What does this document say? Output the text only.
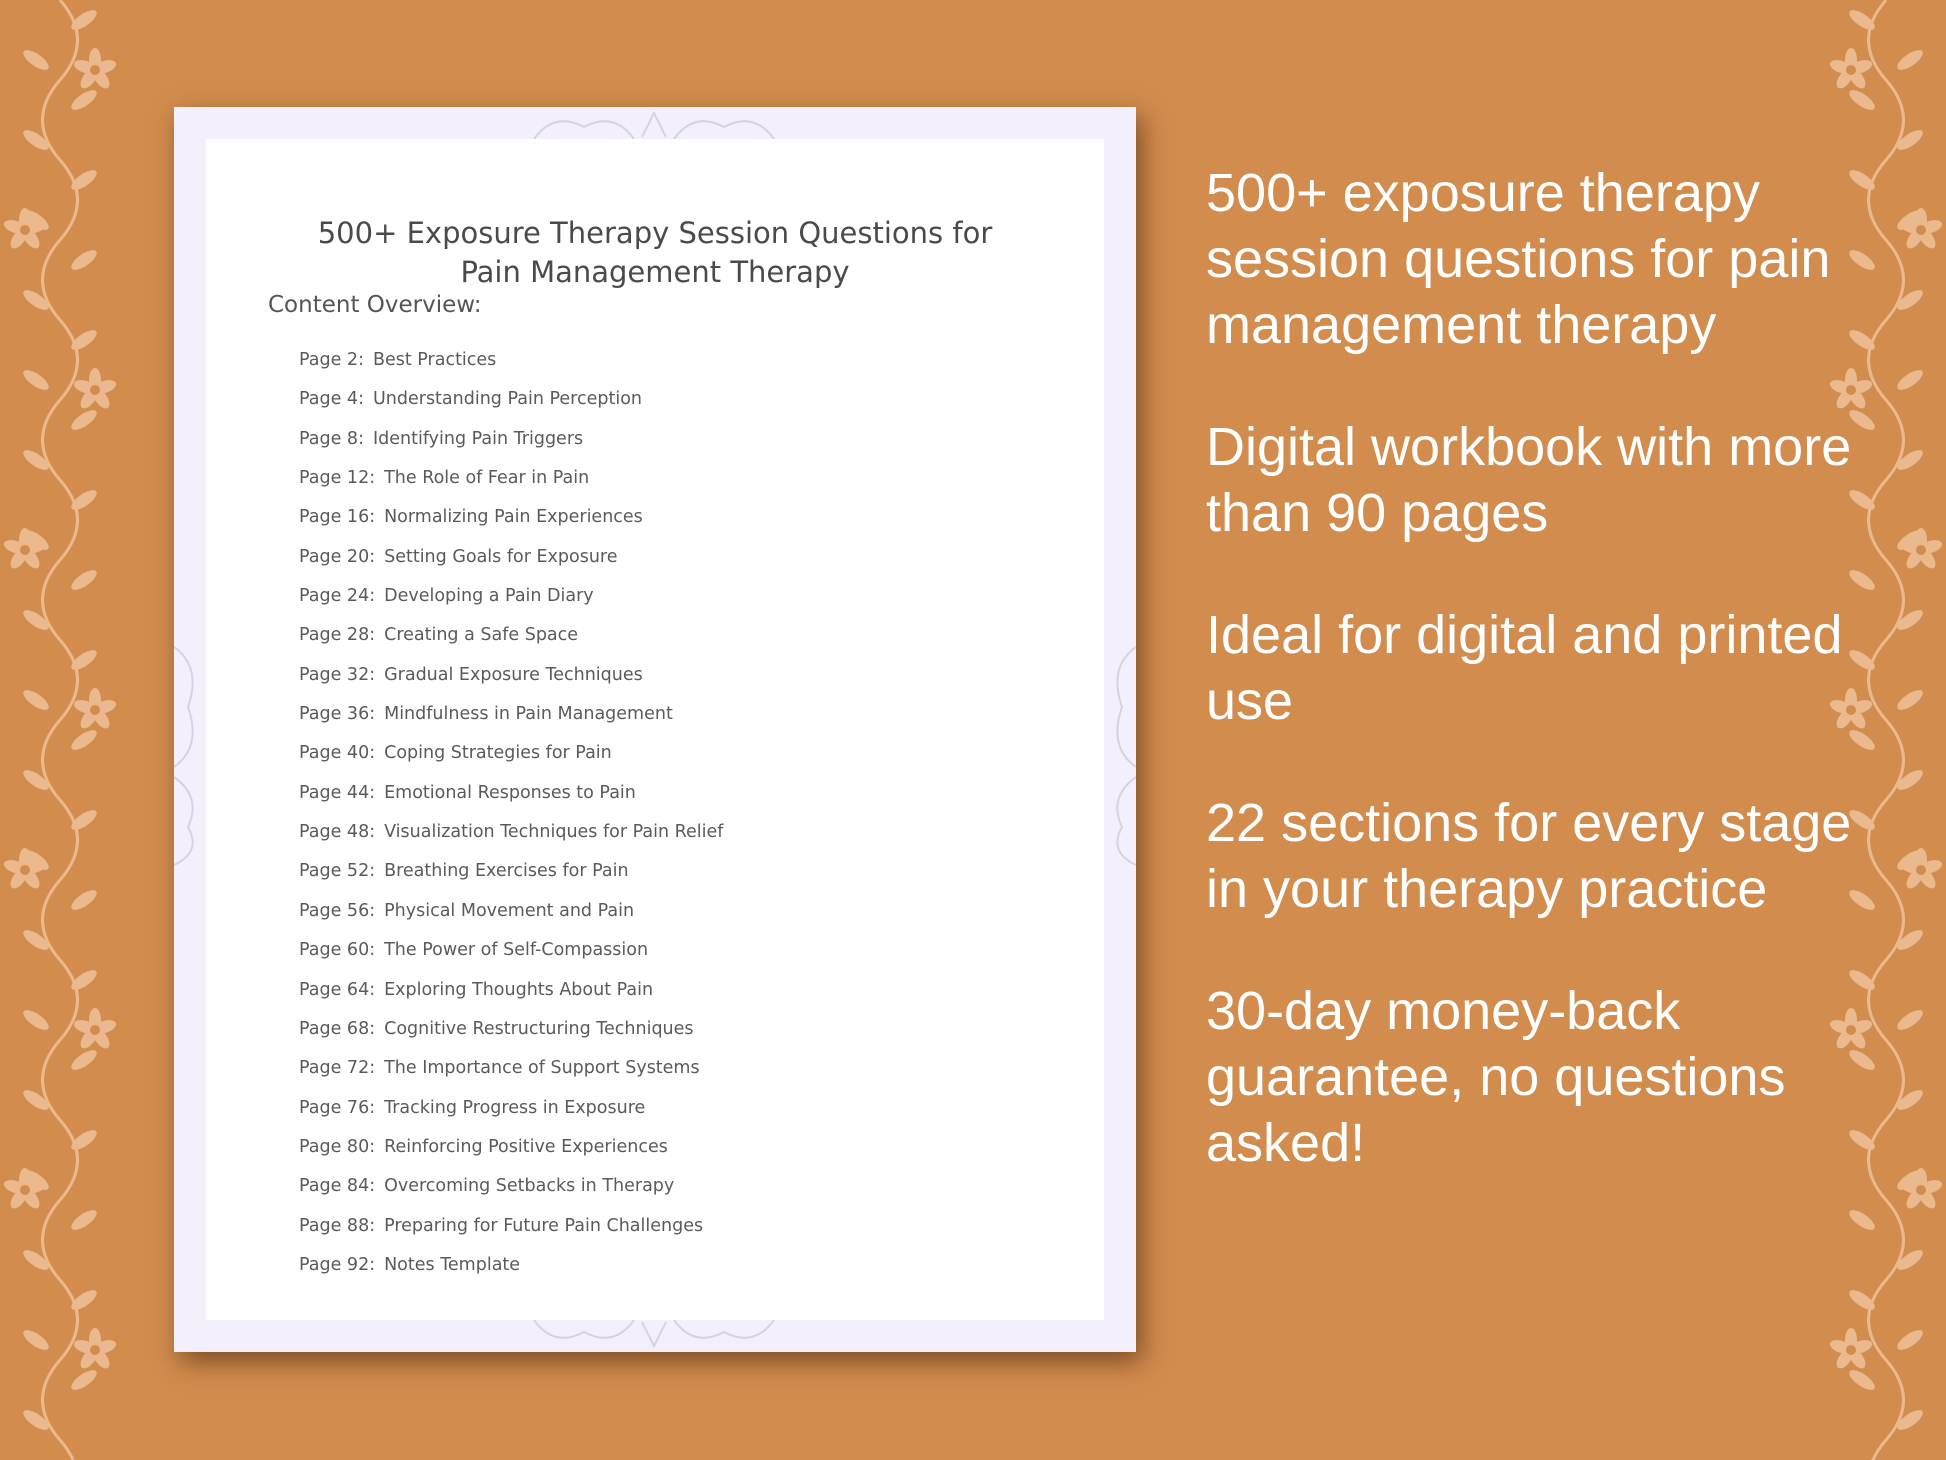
500+ Exposure Therapy Session Questions for
Pain Management Therapy
Content Overview:
Page 2: Best Practices
Page 4: Understanding Pain Perception
Page 8: Identifying Pain Triggers
Page 12: The Role of Fear in Pain
Page 16: Normalizing Pain Experiences
Page 20: Setting Goals for Exposure
Page 24: Developing a Pain Diary
Page 28: Creating a Safe Space
Page 32: Gradual Exposure Techniques
Page 36: Mindfulness in Pain Management
Page 40: Coping Strategies for Pain
Page 44: Emotional Responses to Pain
Page 48: Visualization Techniques for Pain Relief
Page 52: Breathing Exercises for Pain
Page 56: Physical Movement and Pain
Page 60: The Power of Self-Compassion
Page 64: Exploring Thoughts About Pain
Page 68: Cognitive Restructuring Techniques
Page 72: The Importance of Support Systems
Page 76: Tracking Progress in Exposure
Page 80: Reinforcing Positive Experiences
Page 84: Overcoming Setbacks in Therapy
Page 88: Preparing for Future Pain Challenges
Page 92: Notes Template

500+ exposure therapy session questions for pain management therapy

Digital workbook with more than 90 pages

Ideal for digital and printed use

22 sections for every stage in your therapy practice

30-day money-back guarantee, no questions asked!
